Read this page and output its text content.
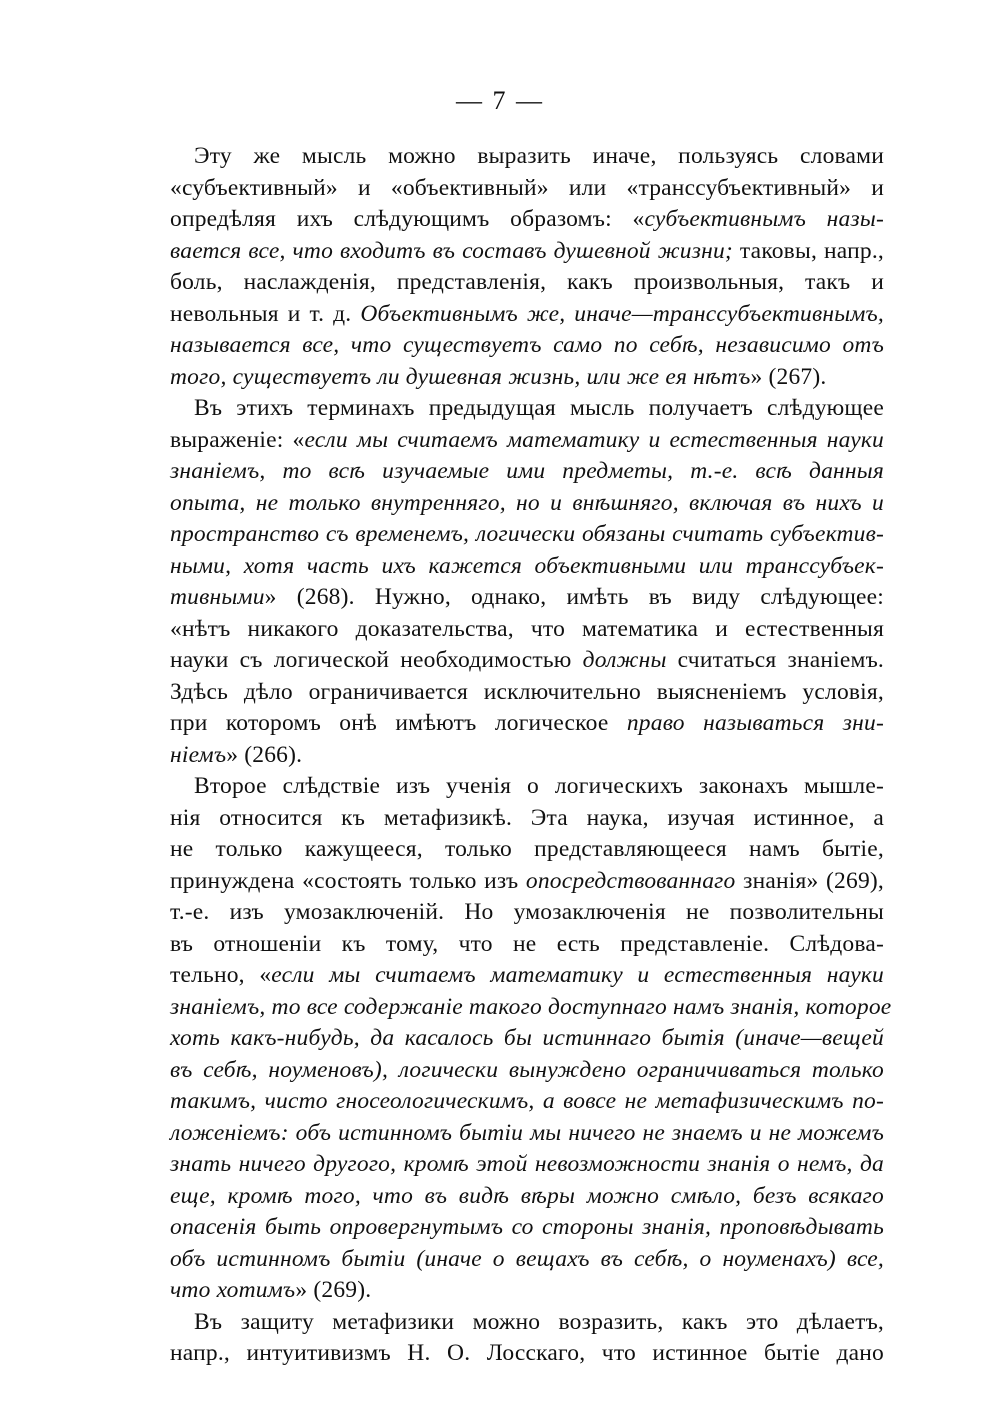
— 7 —
Эту же мысль можно выразить иначе, пользуясь словами
«субъективный» и «объективный» или «транссубъективный» и
опредѣляя ихъ слѣдующимъ образомъ: «субъективнымъ назы-
вается все, что входитъ въ составъ душевной жизни; таковы, напр.,
боль, наслажденія, представленія, какъ произвольныя, такъ и
невольныя и т. д. Объективнымъ же, иначе—транссубъективнымъ,
называется все, что существуетъ само по себѣ, независимо отъ
того, существуетъ ли душевная жизнь, или же ея нѣтъ» (267).
Въ этихъ терминахъ предыдущая мысль получаетъ слѣдующее
выраженіе: «если мы считаемъ математику и естественныя науки
знаніемъ, то всѣ изучаемые ими предметы, т.-е. всѣ данныя
опыта, не только внутренняго, но и внѣшняго, включая въ нихъ и
пространство съ временемъ, логически обязаны считать субъектив-
ными, хотя часть ихъ кажется объективными или транссубъек-
тивными» (268). Нужно, однако, имѣть въ виду слѣдующее:
«нѣтъ никакого доказательства, что математика и естественныя
науки съ логической необходимостью должны считаться знаніемъ.
Здѣсь дѣло ограничивается исключительно выясненіемъ условія,
при которомъ онѣ имѣютъ логическое право называться зни-
ніемъ» (266).
Второе слѣдствіе изъ ученія о логическихъ законахъ мышле-
нія относится къ метафизикѣ. Эта наука, изучая истинное, а
не только кажущееся, только представляющееся намъ бытіе,
принуждена «состоять только изъ опосредствованнаго знанія» (269),
т.-е. изъ умозаключеній. Но умозаключенія не позволительны
въ отношеніи къ тому, что не есть представленіе. Слѣдова-
тельно, «если мы считаемъ математику и естественныя науки
знаніемъ, то все содержаніе такого доступнаго намъ знанія, которое
хоть какъ-нибудь, да касалось бы истиннаго бытія (иначе—вещей
въ себѣ, ноуменовъ), логически вынуждено ограничиваться только
такимъ, чисто гносеологическимъ, а вовсе не метафизическимъ по-
ложеніемъ: объ истинномъ бытіи мы ничего не знаемъ и не можемъ
знать ничего другого, кромѣ этой невозможности знанія о немъ, да
еще, кромѣ того, что въ видѣ вѣры можно смѣло, безъ всякаго
опасенія быть опровергнутымъ со стороны знанія, проповѣдывать
объ истинномъ бытіи (иначе о вещахъ въ себѣ, о ноуменахъ) все,
что хотимъ» (269).
Въ защиту метафизики можно возразить, какъ это дѣлаетъ,
напр., интуитивизмъ Н. О. Лосскаго, что истинное бытіе дано
